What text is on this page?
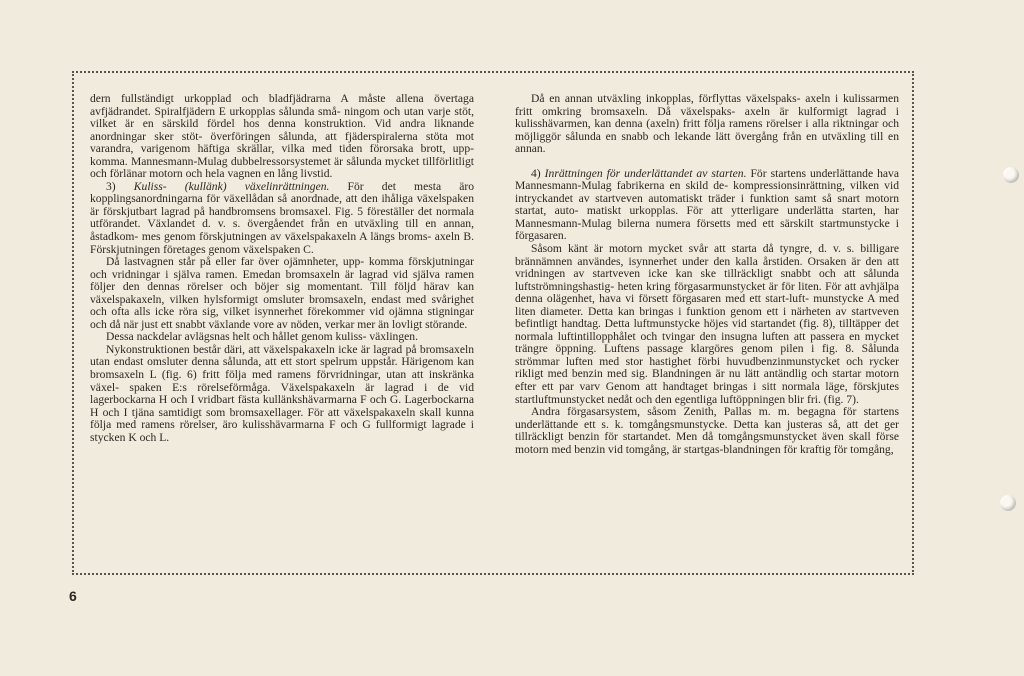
dern fullständigt urkopplad och bladfjädrarna A måste allena övertaga avfjädrandet. Spiralfjädern E urkopplas sålunda små- ningom och utan varje stöt, vilket är en särskild fördel hos denna konstruktion. Vid andra liknande anordningar sker stöt- överföringen sålunda, att fjäderspiralerna stöta mot varandra, varigenom häftiga skrällar, vilka med tiden förorsaka brott, upp- komma. Mannesmann-Mulag dubbelressorsystemet är sålunda mycket tillförlitligt och förlänar motorn och hela vagnen en lång livstid.

3) Kuliss- (kullänk) växelinrättningen. För det mesta äro kopplingsanordningarna för växellådan så anordnade, att den ihåliga växelspaken är förskjutbart lagrad på handbromsens bromsaxel. Fig. 5 föreställer det normala utförandet. Växlandet d. v. s. övergåendet från en utväxling till en annan, åstadkom- mes genom förskjutningen av växelspakaxeln A längs broms- axeln B. Förskjutningen företages genom växelspaken C.

Då lastvagnen står på eller far över ojämnheter, upp- komma förskjutningar och vridningar i själva ramen. Emedan bromsaxeln är lagrad vid själva ramen följer den dennas rörelser och böjer sig momentant. Till följd härav kan växelspakaxeln, vilken hylsformigt omsluter bromsaxeln, endast med svårighet och ofta alls icke röra sig, vilket isynnerhet förekommer vid ojämna stigningar och då när just ett snabbt växlande vore av nöden, verkar mer än lovligt störande.

Dessa nackdelar avlägsnas helt och hållet genom kuliss- växlingen.

Nykonstruktionen består däri, att växelspakaxeln icke är lagrad på bromsaxeln utan endast omsluter denna sålunda, att ett stort spelrum uppstår. Härigenom kan bromsaxeln L (fig. 6) fritt följa med ramens förvridningar, utan att inskränka växel- spaken E:s rörelseförmåga. Växelspakaxeln är lagrad i de vid lagerbockarna H och I vridbart fästa kullänkshävarmarna F och G. Lagerbockarna H och I tjäna samtidigt som bromsaxellager. För att växelspakaxeln skall kunna följa med ramens rörelser, äro kulisshävarmarna F och G fullformigt lagrade i stycken K och L.

Då en annan utväxling inkopplas, förflyttas växelspaks- axeln i kulissarmen fritt omkring bromsaxeln. Då växelspaks- axeln är kulformigt lagrad i kulisshävarmen, kan denna (axeln) fritt följa ramens rörelser i alla riktningar och möjliggör sålunda en snabb och lekande lätt övergång från en utväxling till en annan.

4) Inrättningen för underlättandet av starten. För startens underlättande hava Mannesmann-Mulag fabrikerna en skild de- kompressionsinrättning, vilken vid intryckandet av startveven automatiskt träder i funktion samt så snart motorn startat, auto- matiskt urkopplas. För att ytterligare underlätta starten, har Mannesmann-Mulag bilerna numera försetts med ett särskilt startmunstycke i förgasaren.

Såsom känt är motorn mycket svår att starta då tyngre, d. v. s. billigare brännämnen användes, isynnerhet under den kalla årstiden. Orsaken är den att vridningen av startveven icke kan ske tillräckligt snabbt och att sålunda luftströmningshastig- heten kring förgasarmunstycket är för liten. För att avhjälpa denna olägenhet, hava vi försett förgasaren med ett start-luft- munstycke A med liten diameter. Detta kan bringas i funktion genom ett i närheten av startveven befintligt handtag. Detta luftmunstycke höjes vid startandet (fig. 8), tilltäpper det normala luftintillopphålet och tvingar den insugna luften att passera en mycket trängre öppning. Luftens passage klargöres genom pilen i fig. 8. Sålunda strömmar luften med stor hastighet förbi huvudbenzinmunstycket och rycker rikligt med benzin med sig. Blandningen är nu lätt antändlig och startar motorn efter ett par varv Genom att handtaget bringas i sitt normala läge, förskjutes startluftmunstycket nedåt och den egentliga luftöppningen blir fri. (fig. 7).

Andra förgasarsystem, såsom Zenith, Pallas m. m. begagna för startens underlättande ett s. k. tomgångsmunstycke. Detta kan justeras så, att det ger tillräckligt benzin för startandet. Men då tomgångsmunstycket även skall förse motorn med benzin vid tomgång, är startgas-blandningen för kraftig för tomgång,

6
